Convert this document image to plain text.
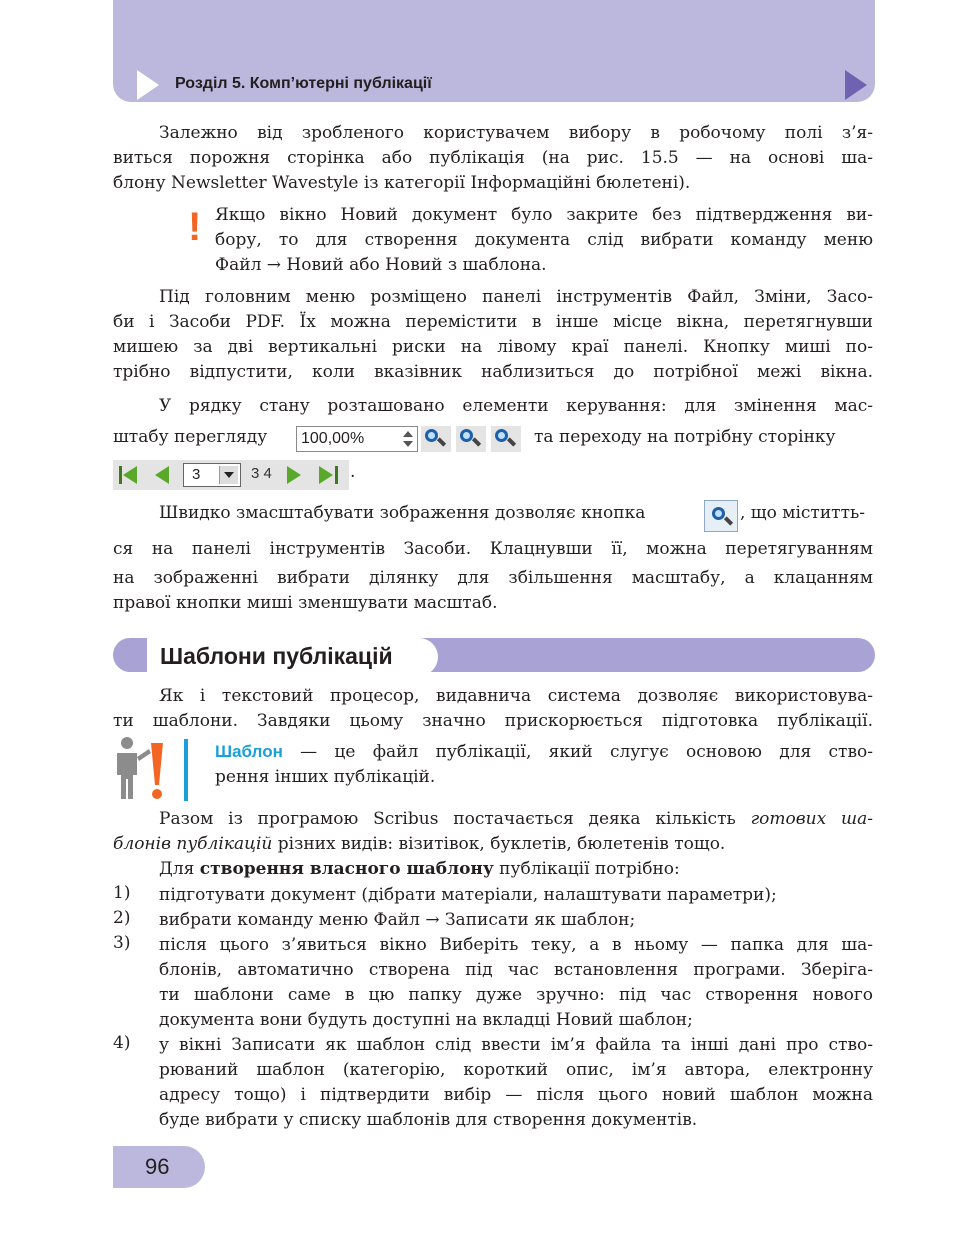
Розділ 5. Комп’ютерні публікації
Залежно від зробленого користувачем вибору в робочому полі з’я-
виться порожня сторінка або публікація (на рис. 15.5 — на основі ша-
блону Newsletter Wavestyle із категорії Інформаційні бюлетені).
! Якщо вікно Новий документ було закрите без підтвердження ви-
бору, то для створення документа слід вибрати команду меню
Файл → Новий або Новий з шаблона.
Під головним меню розміщено панелі інструментів Файл, Зміни, Засо-
би і Засоби PDF. Їх можна перемістити в інше місце вікна, перетягнувши
мишею за дві вертикальні риски на лівому краї панелі. Кнопку миші по-
трібно відпустити, коли вказівник наблизиться до потрібної межі вікна.
У рядку стану розташовано елементи керування: для змінення мас-
штабу перегляду	100,00%	та переходу на потрібну сторінку
3	3 4	.
Швидко змасштабувати зображення дозволяє кнопка	, що міститть-
ся на панелі інструментів Засоби. Клацнувши її, можна перетягуванням
на зображенні вибрати ділянку для збільшення масштабу, а клацанням
правої кнопки миші зменшувати масштаб.
Шаблони публікацій
Як і текстовий процесор, видавнича система дозволяє використовува-
ти шаблони. Завдяки цьому значно прискорюється підготовка публікації.
Шаблон — це файл публікації, який слугує основою для ство-
рення інших публікацій.
Разом із програмою Scribus постачається деяка кількість готових ша-
блонів публікацій різних видів: візитівок, буклетів, бюлетенів тощо.
Для створення власного шаблону публікації потрібно:
1) підготувати документ (дібрати матеріали, налаштувати параметри);
2) вибрати команду меню Файл → Записати як шаблон;
3) після цього з’явиться вікно Виберіть теку, а в ньому — папка для ша-
блонів, автоматично створена під час встановлення програми. Зберіга-
ти шаблони саме в цю папку дуже зручно: під час створення нового
документа вони будуть доступні на вкладці Новий шаблон;
4) у вікні Записати як шаблон слід ввести ім’я файла та інші дані про ство-
рюваний шаблон (категорію, короткий опис, ім’я автора, електронну
адресу тощо) і підтвердити вибір — після цього новий шаблон можна
буде вибрати у списку шаблонів для створення документів.
96
